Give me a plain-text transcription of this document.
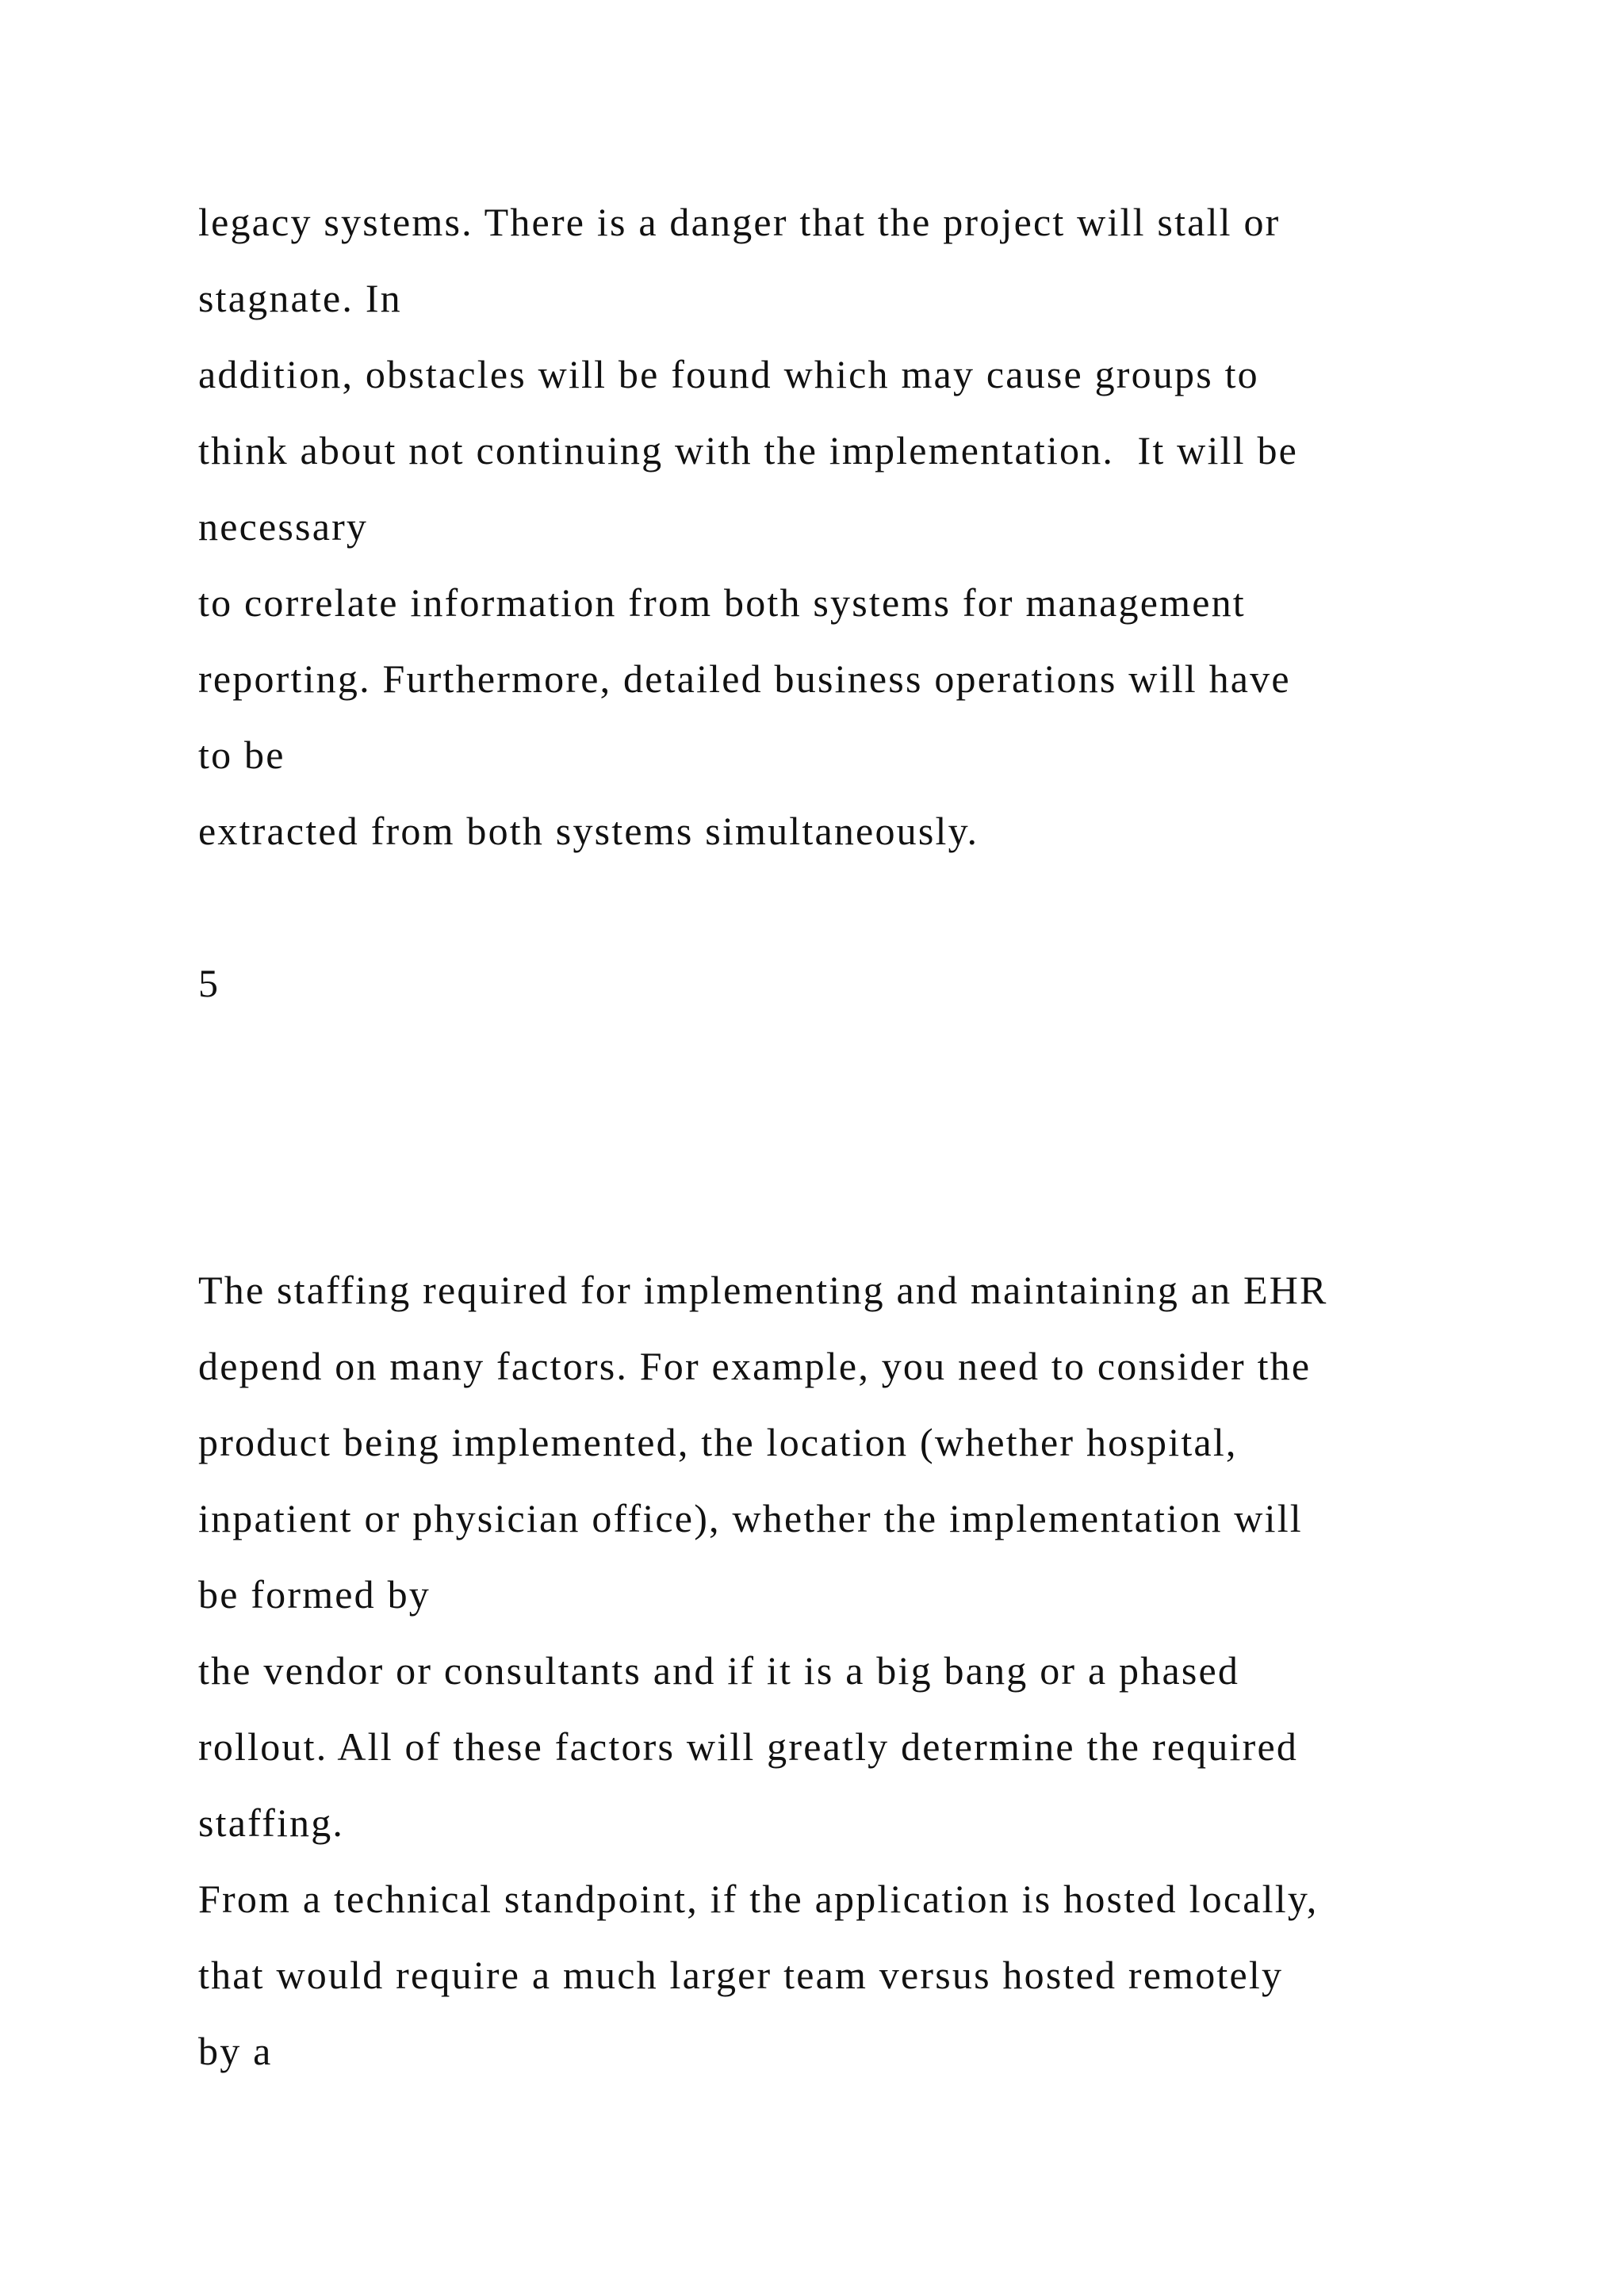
legacy systems. There is a danger that the project will stall or

stagnate. In

addition, obstacles will be found which may cause groups to

think about not continuing with the implementation.  It will be

necessary

to correlate information from both systems for management

reporting. Furthermore, detailed business operations will have

to be

extracted from both systems simultaneously.

5

The staffing required for implementing and maintaining an EHR

depend on many factors. For example, you need to consider the

product being implemented, the location (whether hospital,

inpatient or physician office), whether the implementation will

be formed by

the vendor or consultants and if it is a big bang or a phased

rollout. All of these factors will greatly determine the required

staffing.

From a technical standpoint, if the application is hosted locally,

that would require a much larger team versus hosted remotely

by a
